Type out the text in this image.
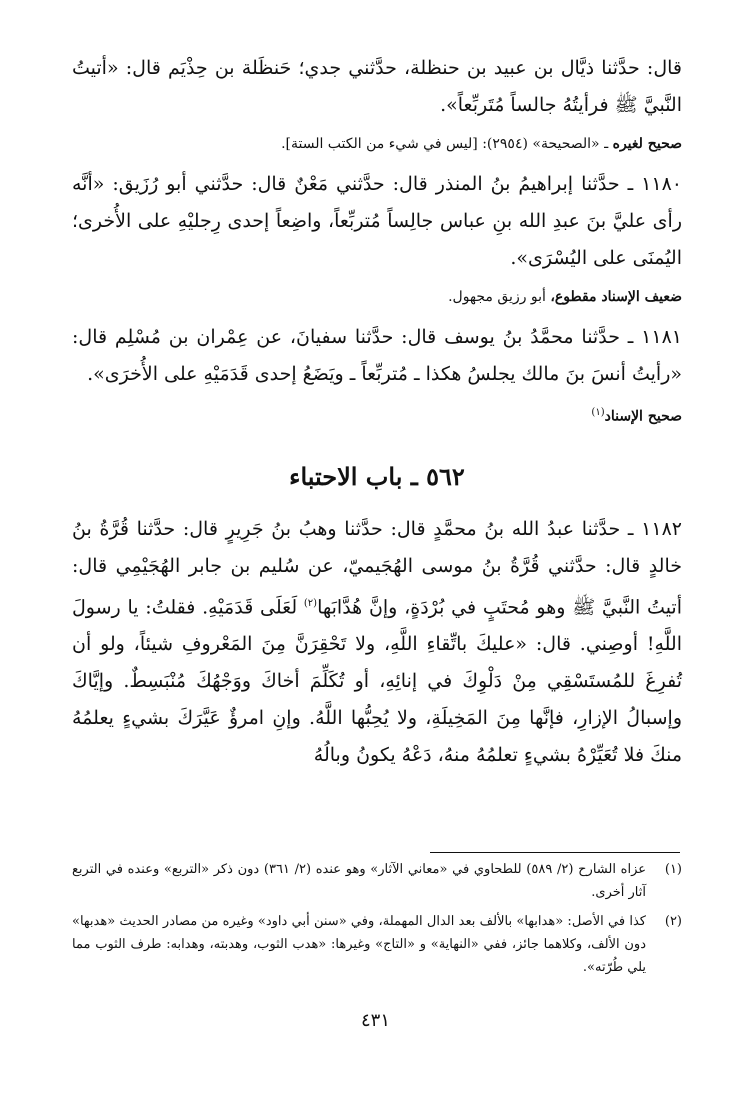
قال: حدَّثنا ذيَّال بن عبيد بن حنظلة، حدَّثني جدي؛ حَنظَلة بن حِذْيَم قال: «أتيتُ النَّبيَّ ﷺ فرأيتُهُ جالساً مُتَربِّعاً».

صحيح لغيره ـ «الصحيحة» (٢٩٥٤): [ليس في شيء من الكتب الستة].

١١٨٠ ـ حدَّثنا إبراهيمُ بنُ المنذر قال: حدَّثني مَعْنٌ قال: حدَّثني أبو رُزَيق: «أنَّه رأى عليَّ بنَ عبدِ الله بنِ عباس جالِساً مُتربِّعاً، واضِعاً إحدى رِجليْهِ على الأُخرى؛ اليُمنَى على اليُسْرَى».

ضعيف الإسناد مقطوع، أبو رزيق مجهول.

١١٨١ ـ حدَّثنا محمَّدُ بنُ يوسف قال: حدَّثنا سفيانَ، عن عِمْران بن مُسْلِم قال: «رأيتُ أنسَ بنَ مالك يجلسُ هكذا ـ مُتربِّعاً ـ ويَضَعُ إحدى قَدَمَيْهِ على الأُخرَى».

صحيح الإسناد$^{(١)}$
٥٦٢ ـ باب الاحتباء

١١٨٢ ـ حدَّثنا عبدُ الله بنُ محمَّدٍ قال: حدَّثنا وهبُ بنُ جَرِيرٍ قال: حدَّثنا قُرَّةُ بنُ خالدٍ قال: حدَّثني قُرَّةُ بنُ موسى الهُجَيميّ، عن سُليم بن جابر الهُجَيْمِي قال: أتيتُ النَّبيَّ ﷺ وهو مُحتَبٍ في بُرْدَةٍ، وإنَّ هُدَّابَها$^{(٢)}$ لَعَلَى قَدَمَيْهِ. فقلتُ: يا رسولَ اللَّهِ! أوصِني. قال: «عليكَ باتِّقاءِ اللَّهِ، ولا تَحْقِرَنَّ مِنَ المَعْروفِ شيئاً، ولو أن تُفرِغَ للمُستَسْقِي مِنْ دَلْوِكَ في إنائِهِ، أو تُكَلِّمَ أخاكَ ووَجْهُكَ مُنْبَسِطٌ. وإيَّاكَ وإسبالُ الإزارِ، فإنَّها مِنَ المَخِيلَةِ، ولا يُحِبُّها اللَّهُ. وإنِ امرؤٌ عَيَّرَكَ بشيءٍ يعلمُهُ منكَ فلا تُعَيِّرْهُ بشيءٍ تعلمُهُ منهُ، دَعْهُ يكونُ وبالُهُ

(١)
عزاه الشارح (٢/ ٥٨٩) للطحاوي في «معاني الآثار» وهو عنده (٢/ ٣٦١) دون ذكر «التربع» وعنده في التربع آثار أخرى.
(٢)
كذا في الأصل: «هدابها» بالألف بعد الدال المهملة، وفي «سنن أبي داود» وغيره من مصادر الحديث «هدبها» دون الألف، وكلاهما جائز، ففي «النهاية» و «التاج» وغيرها: «هدب الثوب، وهدبته، وهدابه: طرف الثوب مما يلي طُرّته».
٤٣١
